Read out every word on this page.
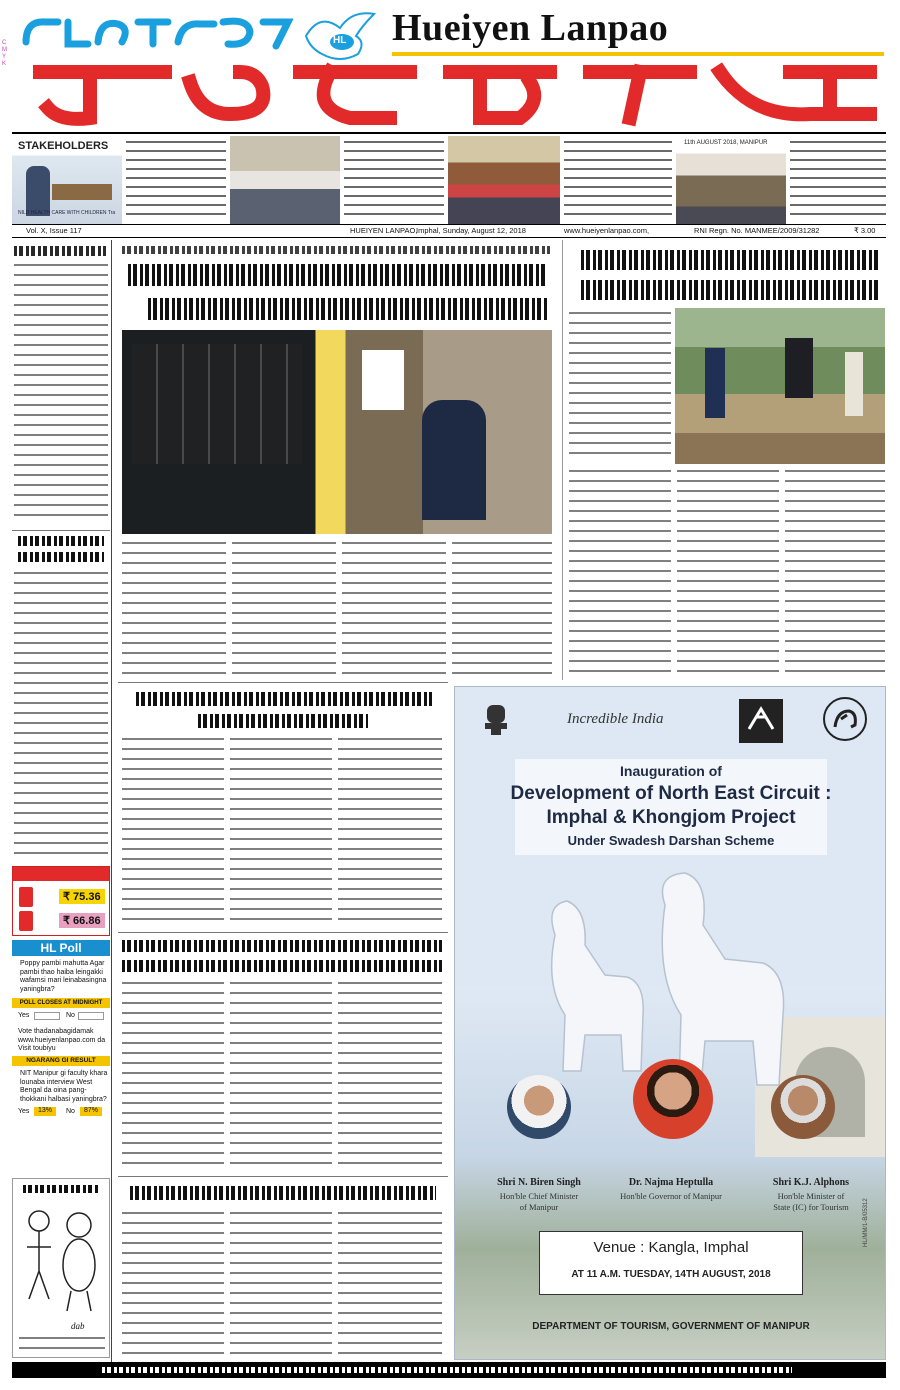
HL Hueiyen Lanpao
C
M
Y
K
STAKEHOLDERS
NILD HEALTH CARE WITH CHILDREN Tra
11th AUGUST 2018, MANIPUR
Vol. X, Issue 117	HUEIYEN LANPAO,
Imphal, Sunday, August 12, 2018	www.hueiyenlanpao.com,	RNI Regn. No. MANMEE/2009/31282	₹ 3.00
₹ 75.36
₹ 66.86
HL Poll
Poppy pambi mahutta Agar pambi thao haiba leingakki wafamsi mari leinabasingna yaningbra?
POLL CLOSES AT MIDNIGHT
Yes	No
Vote thadanabagidamak www.hueiyenlanpao.com da Visit toubiyu
NGARANG GI RESULT
NIT Manipur gi faculty khara lounaba interview West Bengal da oina pang-thokkani halbasi yaningbra?
Yes	13%	No	87%
dab
Incredible India
Inauguration of
Development of North East Circuit :
Imphal & Khongjom Project
Under Swadesh Darshan Scheme
Shri N. Biren Singh
Hon'ble Chief Minister
of Manipur
Dr. Najma Heptulla
Hon'ble Governor of Manipur
Shri K.J. Alphons
Hon'ble Minister of
State (IC) for Tourism
Venue : Kangla, Imphal
AT 11 A.M. TUESDAY, 14TH AUGUST, 2018
DEPARTMENT OF TOURISM, GOVERNMENT OF MANIPUR
HL/MM/1-B/05312
